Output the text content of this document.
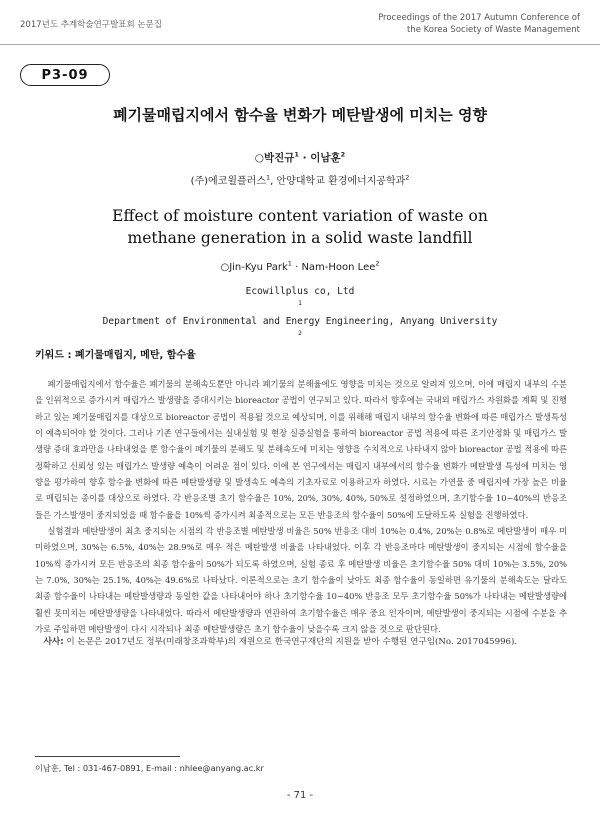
2017년도 추계학술연구발표회 논문집
Proceedings of the 2017 Autumn Conference of
the Korea Society of Waste Management
P3-09
폐기물매립지에서 함수율 변화가 메탄발생에 미치는 영향
○박진규$^1$ · 이남훈$^2$
(주)에코윌플러스$^1$, 안양대학교 환경에너지공학과$^2$
Effect of moisture content variation of waste on
methane generation in a solid waste landfill
○Jin-Kyu Park$^1$ · Nam-Hoon Lee$^2$
Ecowillplus co, Ltd
$^1$
Department of Environmental and Energy Engineering, Anyang University
$^2$
키워드 : 폐기물매립지, 메탄, 함수율

폐기물매립지에서 함수율은 폐기물의 분해속도뿐만 아니라 폐기물의 분해율에도 영향을 미치는 것으로 알려져 있으며, 이에 매립지 내부의 수분을 인위적으로 증가시켜 매립가스 발생량을 증대시키는 bioreactor 공법이 연구되고 있다. 따라서 향후에는 국내외 매립가스 자원화를 계획 및 진행하고 있는 폐기물매립지를 대상으로 bioreactor 공법이 적용될 것으로 예상되며, 이를 위해해 매립지 내부의 함수율 변화에 따른 매립가스 발생특성이 예측되어야 할 것이다. 그러나 기존 연구들에서는 실내실험 및 현장 실증실험을 통하여 bioreactor 공법 적용에 따른 조기안정화 및 매립가스 발생량 증대 효과만을 나타내었을 뿐 함수율이 폐기물의 분해도 및 분해속도에 미치는 영향을 수치적으로 나타내지 않아 bioreactor 공법 적용에 따른 정확하고 신뢰성 있는 매립가스 발생량 예측이 어려운 점이 있다. 이에 본 연구에서는 매립지 내부에서의 함수율 변화가 메탄발생 특성에 미치는 영향을 평가하여 향후 함수율 변화에 따른 메탄발생량 및 발생속도 예측의 기초자료로 이용하고자 하였다. 시료는 가연물 중 매립지에 가장 높은 비율로 매립되는 종이를 대상으로 하였다. 각 반응조별 초기 함수율은 10%, 20%, 30%, 40%, 50%로 설정하였으며, 초기함수율 10~40%의 반응조들은 가스발생이 중지되었을 때 함수율을 10%씩 증가시켜 최종적으로는 모든 반응조의 함수율이 50%에 도달하도록 실험을 진행하였다.

실험결과 메탄발생이 최초 중지되는 시점의 각 반응조별 메탄발생 비율은 50% 반응조 대비 10%는 0.4%, 20%는 0.8%로 메탄발생이 매우 미미하였으며, 30%는 6.5%, 40%는 28.9%로 매우 적은 메탄발생 비율을 나타내었다. 이후 각 반응조마다 메탄발생이 중지되는 시점에 함수율을 10%씩 증가시켜 모든 반응조의 최종 함수율이 50%가 되도록 하였으며, 실험 종료 후 메탄발생 비율은 초기함수율 50% 대비 10%는 3.5%, 20%는 7.0%, 30%는 25.1%, 40%는 49.6%로 나타났다. 이론적으로는 초기 함수율이 낮아도 최종 함수율이 동일하면 유기물의 분해속도는 달라도 최종 함수율이 나타내는 메탄발생량과 동일한 값을 나타내어야 하나 초기함수율 10~40% 반응조 모두 초기함수율 50%가 나타내는 메탄발생량에 훨씬 못미치는 메탄발생량을 나타내었다. 따라서 메탄발생량과 연관하여 초기함수율은 매우 중요 인자이며, 메탄발생이 중지되는 시점에 수분을 추가로 주입하면 메탄발생이 다시 시작되나 최종 메탄발생량은 초기 함수율이 낮을수록 크지 않을 것으로 판단된다.

사사: 이 논문은 2017년도 정부(미래창조과학부)의 재원으로 한국연구재단의 지원을 받아 수행된 연구임(No. 2017045996).

이남훈, Tel : 031-467-0891, E-mail : nhlee@anyang.ac.kr
- 71 -
